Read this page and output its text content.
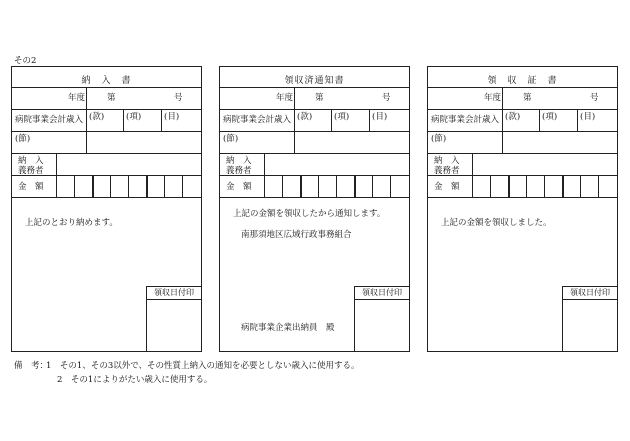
その2
納　入　書
年度	第	号
病院事業会計歳入 (款)	(項)	(目)
(節)
納　入
義務者
金　額
上記のとおり納めます。
領収日付印
領収済通知書
年度	第	号
病院事業会計歳入 (款)	(項)	(目)
(節)
納　入
義務者
金　額
上記の金額を領収したから通知します。
南那須地区広域行政事務組合
病院事業企業出納員　殿
領収日付印
領　収　証　書
年度	第	号
病院事業会計歳入 (款)	(項)	(目)
(節)
納　入
義務者
金　額
上記の金額を領収しました。
領収日付印
備　考：
1　その1、その3以外で、その性質上納入の通知を必要としない歳入に使用する。
2　その1によりがたい歳入に使用する。
